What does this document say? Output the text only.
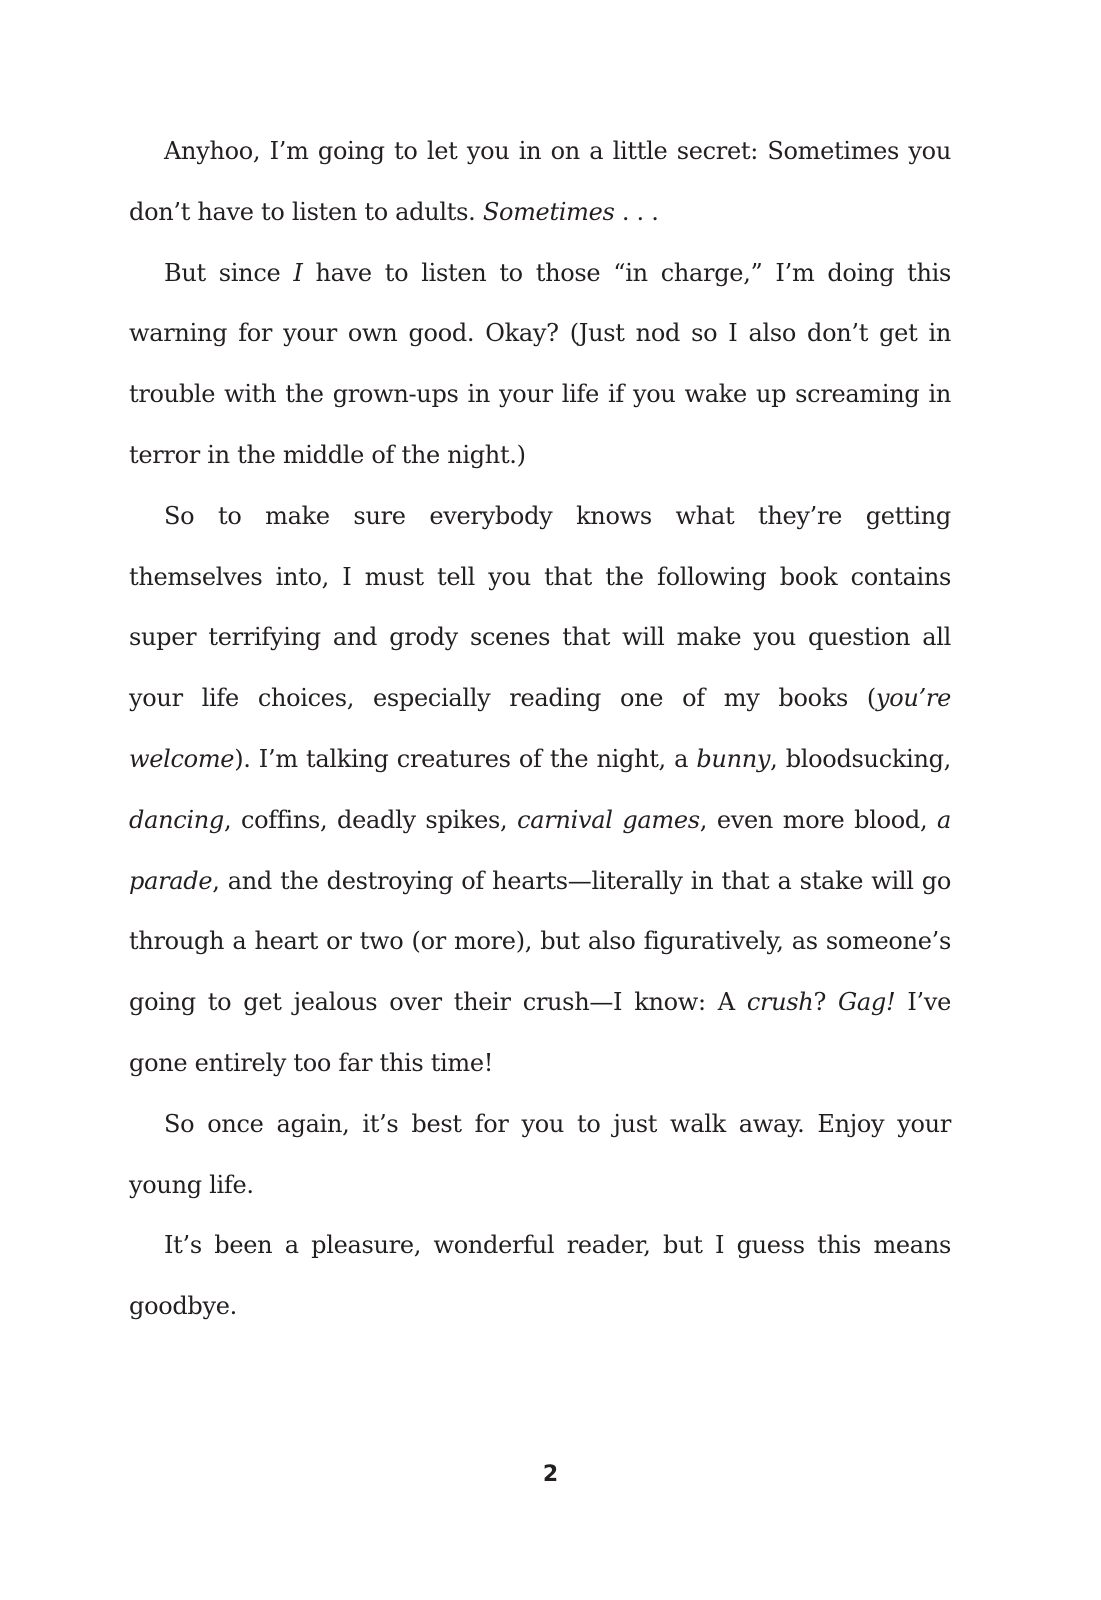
Anyhoo, I’m going to let you in on a little secret: Sometimes you don’t have to listen to adults. Sometimes . . .

But since I have to listen to those “in charge,” I’m doing this warning for your own good. Okay? (Just nod so I also don’t get in trouble with the grown-ups in your life if you wake up screaming in terror in the middle of the night.)

So to make sure everybody knows what they’re getting themselves into, I must tell you that the following book contains super terrifying and grody scenes that will make you question all your life choices, especially reading one of my books (you’re welcome). I’m talking creatures of the night, a bunny, bloodsucking, dancing, coffins, deadly spikes, carnival games, even more blood, a parade, and the destroying of hearts—literally in that a stake will go through a heart or two (or more), but also figuratively, as someone’s going to get jealous over their crush—I know: A crush? Gag! I’ve gone entirely too far this time!

So once again, it’s best for you to just walk away. Enjoy your young life.

It’s been a pleasure, wonderful reader, but I guess this means goodbye.

2
